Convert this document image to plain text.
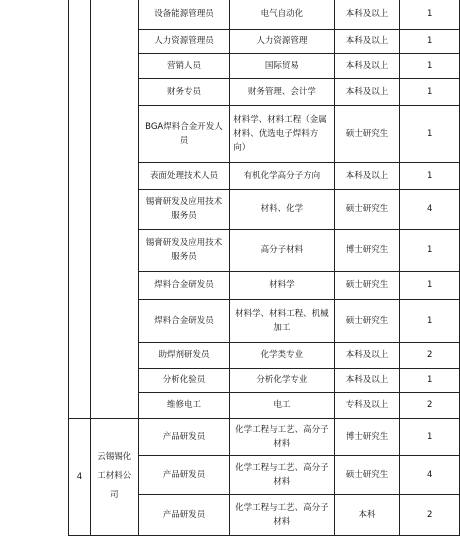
		设备能源管理员	电气自动化	本科及以上	1
		人力资源管理员	人力资源管理	本科及以上	1
		营销人员	国际贸易	本科及以上	1
		财务专员	财务管理、会计学	本科及以上	1
		BGA焊料合金开发人员	材料学、材料工程（金属材料、优选电子焊料方向）	硕士研究生	1
		表面处理技术人员	有机化学高分子方向	本科及以上	1
		锡膏研发及应用技术服务员	材料、化学	硕士研究生	4
		锡膏研发及应用技术服务员	高分子材料	博士研究生	1
		焊料合金研发员	材料学	硕士研究生	1
		焊料合金研发员	材料学、材料工程、机械加工	硕士研究生	1
		助焊剂研发员	化学类专业	本科及以上	2
		分析化验员	分析化学专业	本科及以上	1
		维修电工	电工	专科及以上	2
4	云锡锡化工材料公司	产品研发员	化学工程与工艺、高分子材料	博士研究生	1
		产品研发员	化学工程与工艺、高分子材料	硕士研究生	4
		产品研发员	化学工程与工艺、高分子材料	本科	2
